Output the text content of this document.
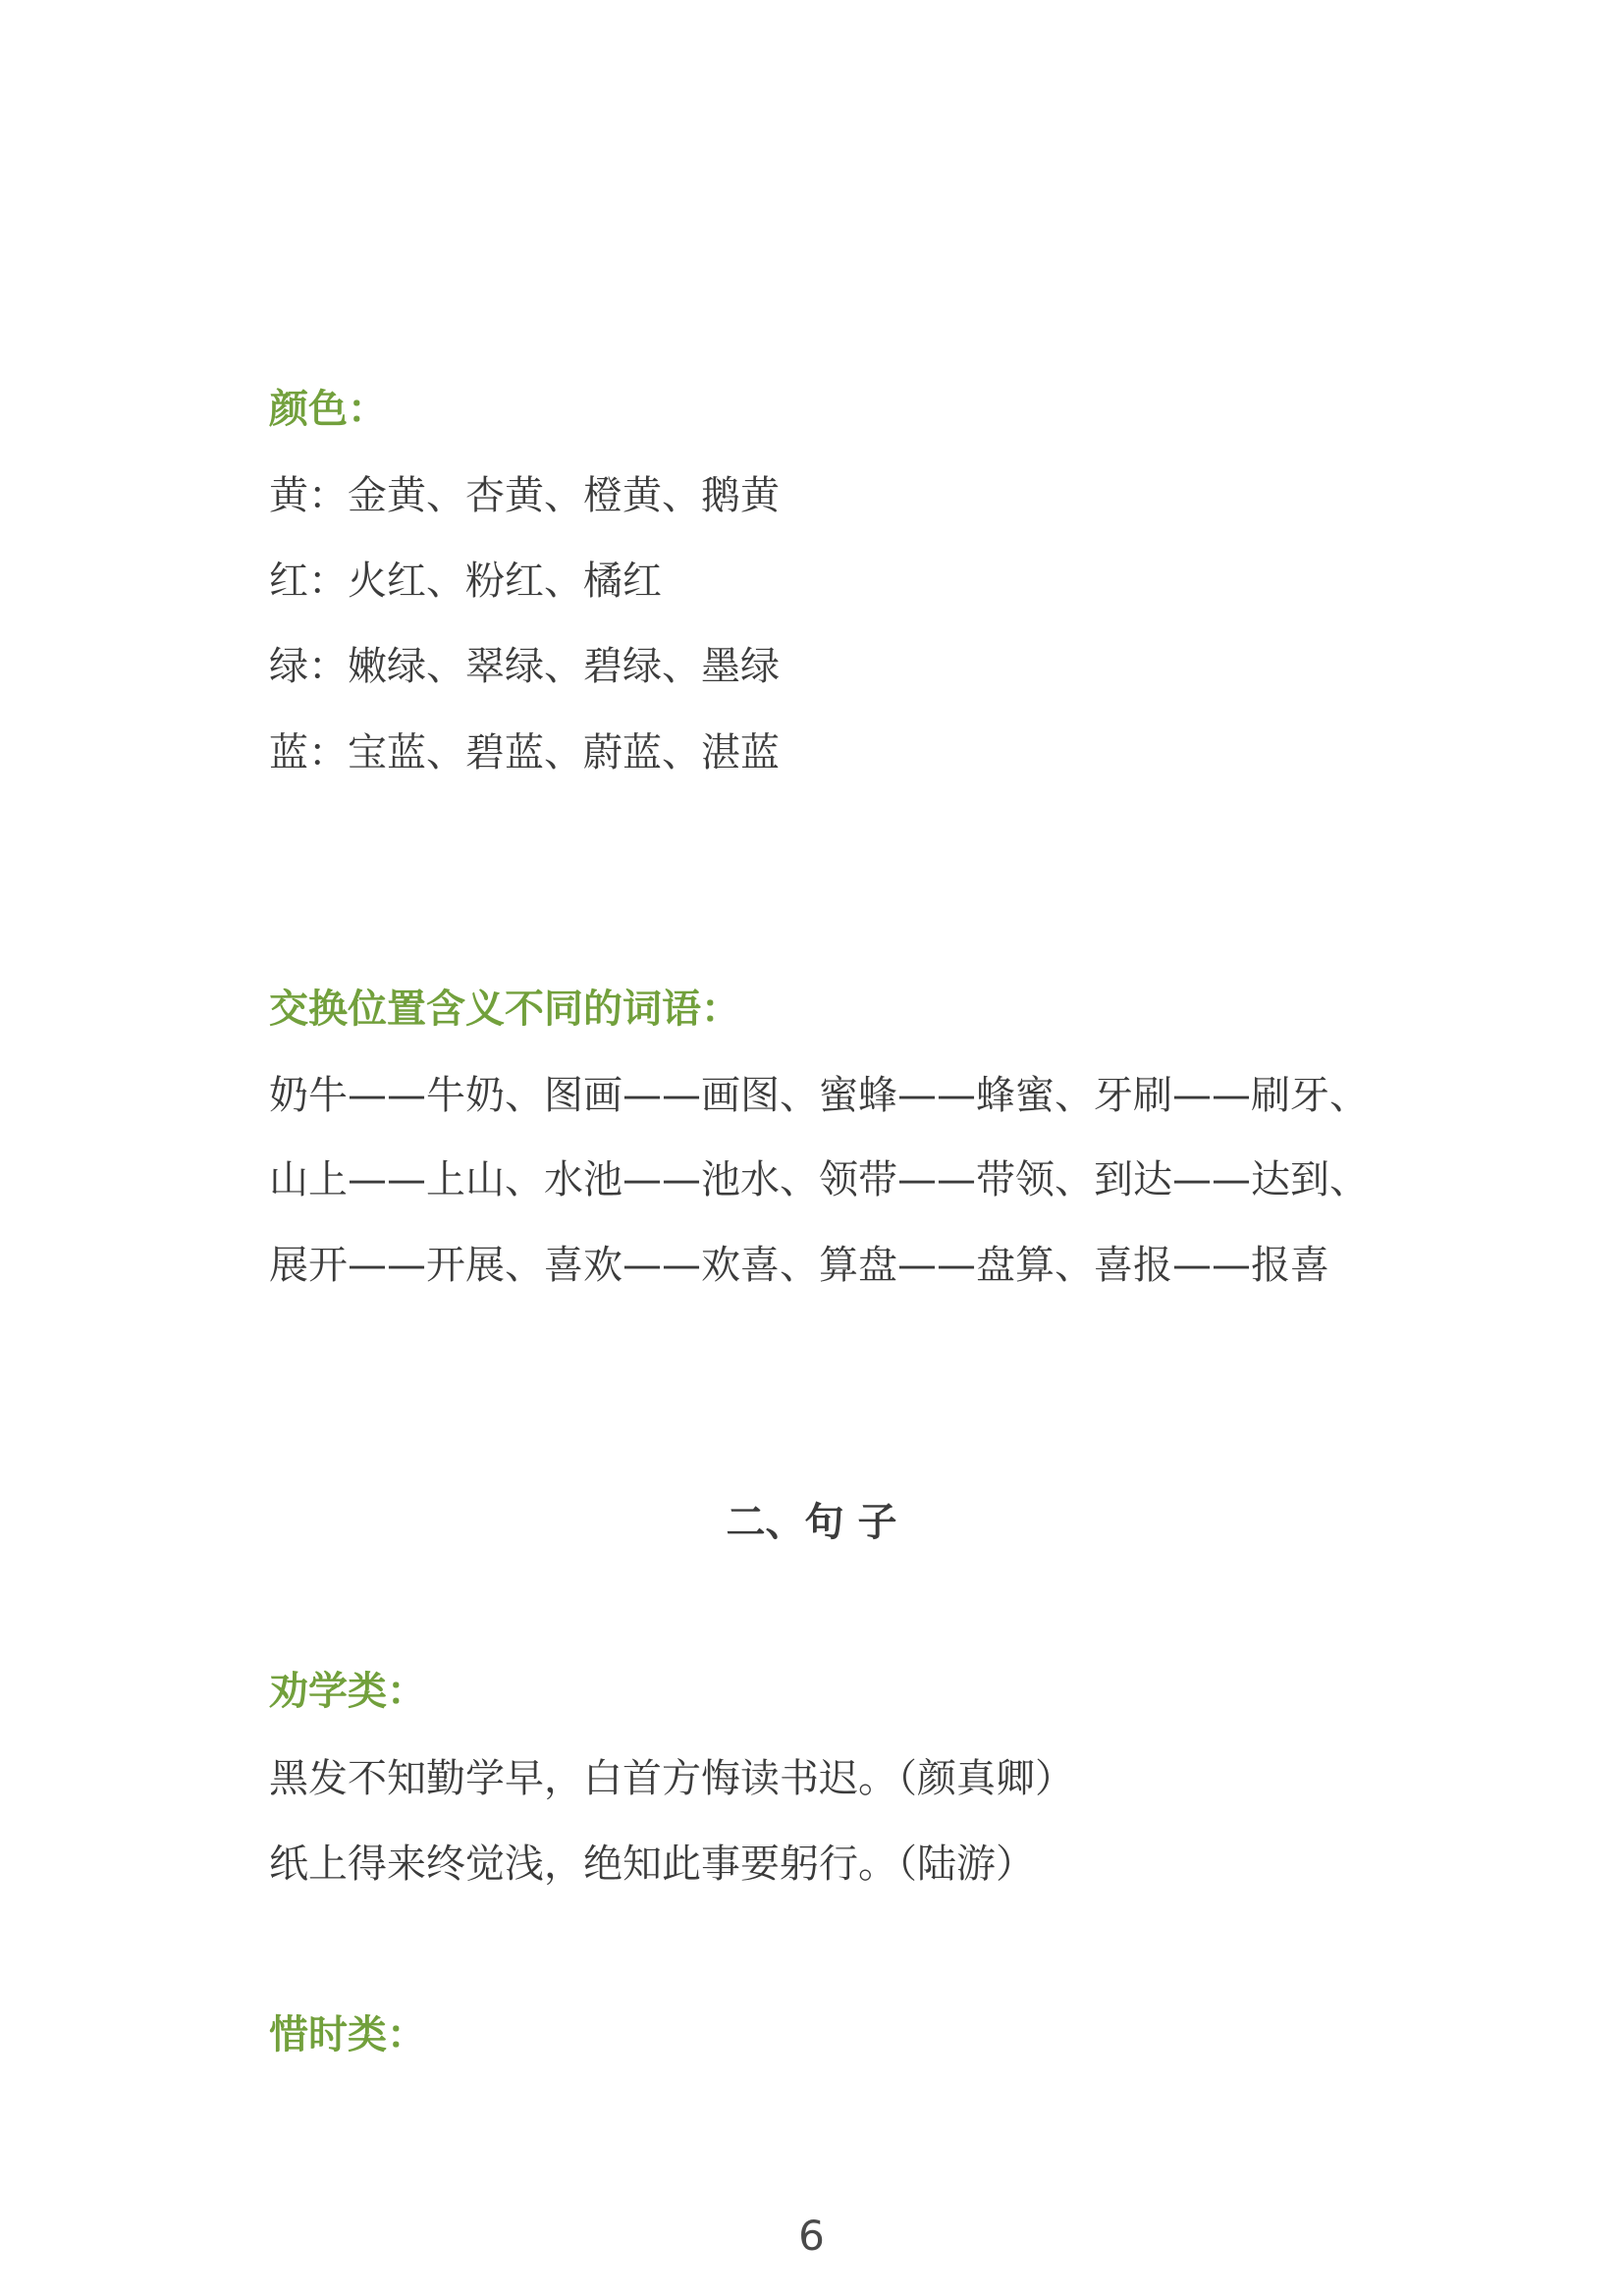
颜色：
黄：金黄、杏黄、橙黄、鹅黄
红：火红、粉红、橘红
绿：嫩绿、翠绿、碧绿、墨绿
蓝：宝蓝、碧蓝、蔚蓝、湛蓝
交换位置含义不同的词语：
奶牛——牛奶、图画——画图、蜜蜂——蜂蜜、牙刷——刷牙、
山上——上山、水池——池水、领带——带领、到达——达到、
展开——开展、喜欢——欢喜、算盘——盘算、喜报——报喜
二、句 子
劝学类：
黑发不知勤学早，白首方悔读书迟。（颜真卿）
纸上得来终觉浅，绝知此事要躬行。（陆游）
惜时类：
6
